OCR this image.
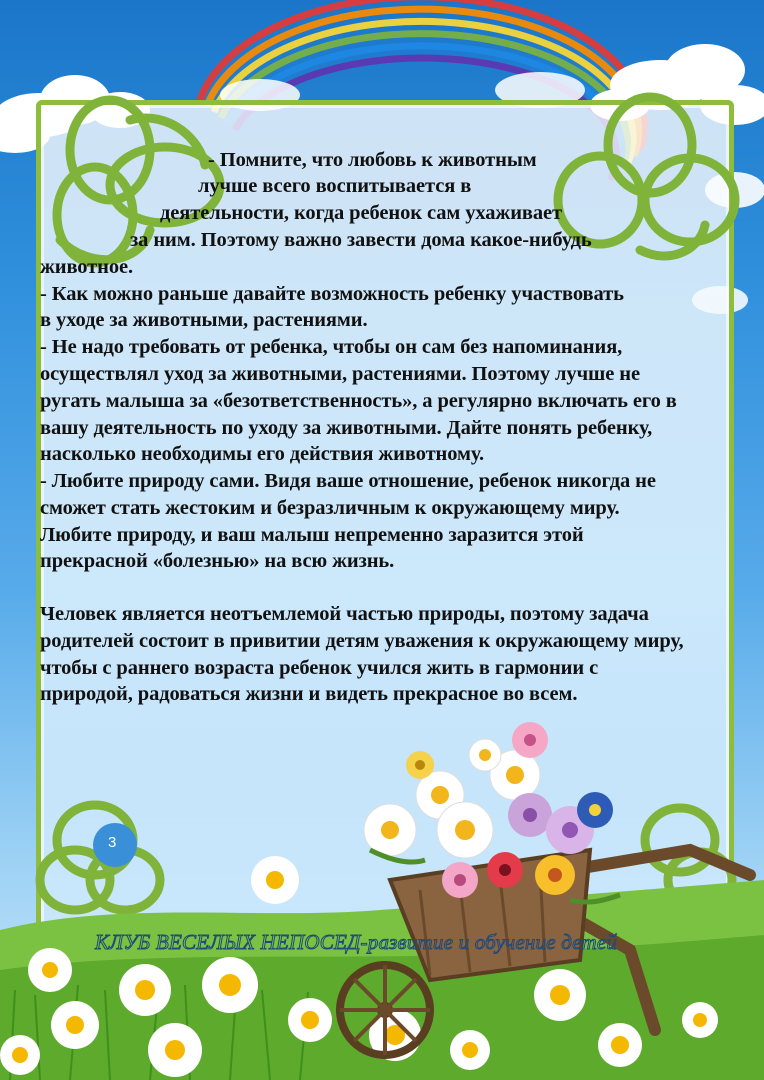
- Помните, что любовь к животным
лучше всего воспитывается в
деятельности, когда ребенок сам ухаживает
за ним. Поэтому важно завести дома какое-нибудь
животное.
- Как можно раньше давайте возможность ребенку участвовать
в уходе за животными, растениями.
- Не надо требовать от ребенка, чтобы он сам без напоминания,
осуществлял уход за животными, растениями. Поэтому лучше не
ругать малыша за «безответственность», а регулярно включать его в
вашу деятельность по уходу за животными. Дайте понять ребенку,
насколько необходимы его действия животному.
- Любите природу сами. Видя ваше отношение, ребенок никогда не
сможет стать жестоким и безразличным к окружающему миру.
Любите природу, и ваш малыш непременно заразится этой
прекрасной «болезнью» на всю жизнь.
Человек является неотъемлемой частью природы, поэтому задача
родителей состоит в привитии детям уважения к окружающему миру,
чтобы с раннего возраста ребенок учился жить в гармонии с
природой, радоваться жизни и видеть прекрасное во всем.
3
КЛУБ ВЕСЕЛЫХ НЕПОСЕД-развитие и обучение детей
